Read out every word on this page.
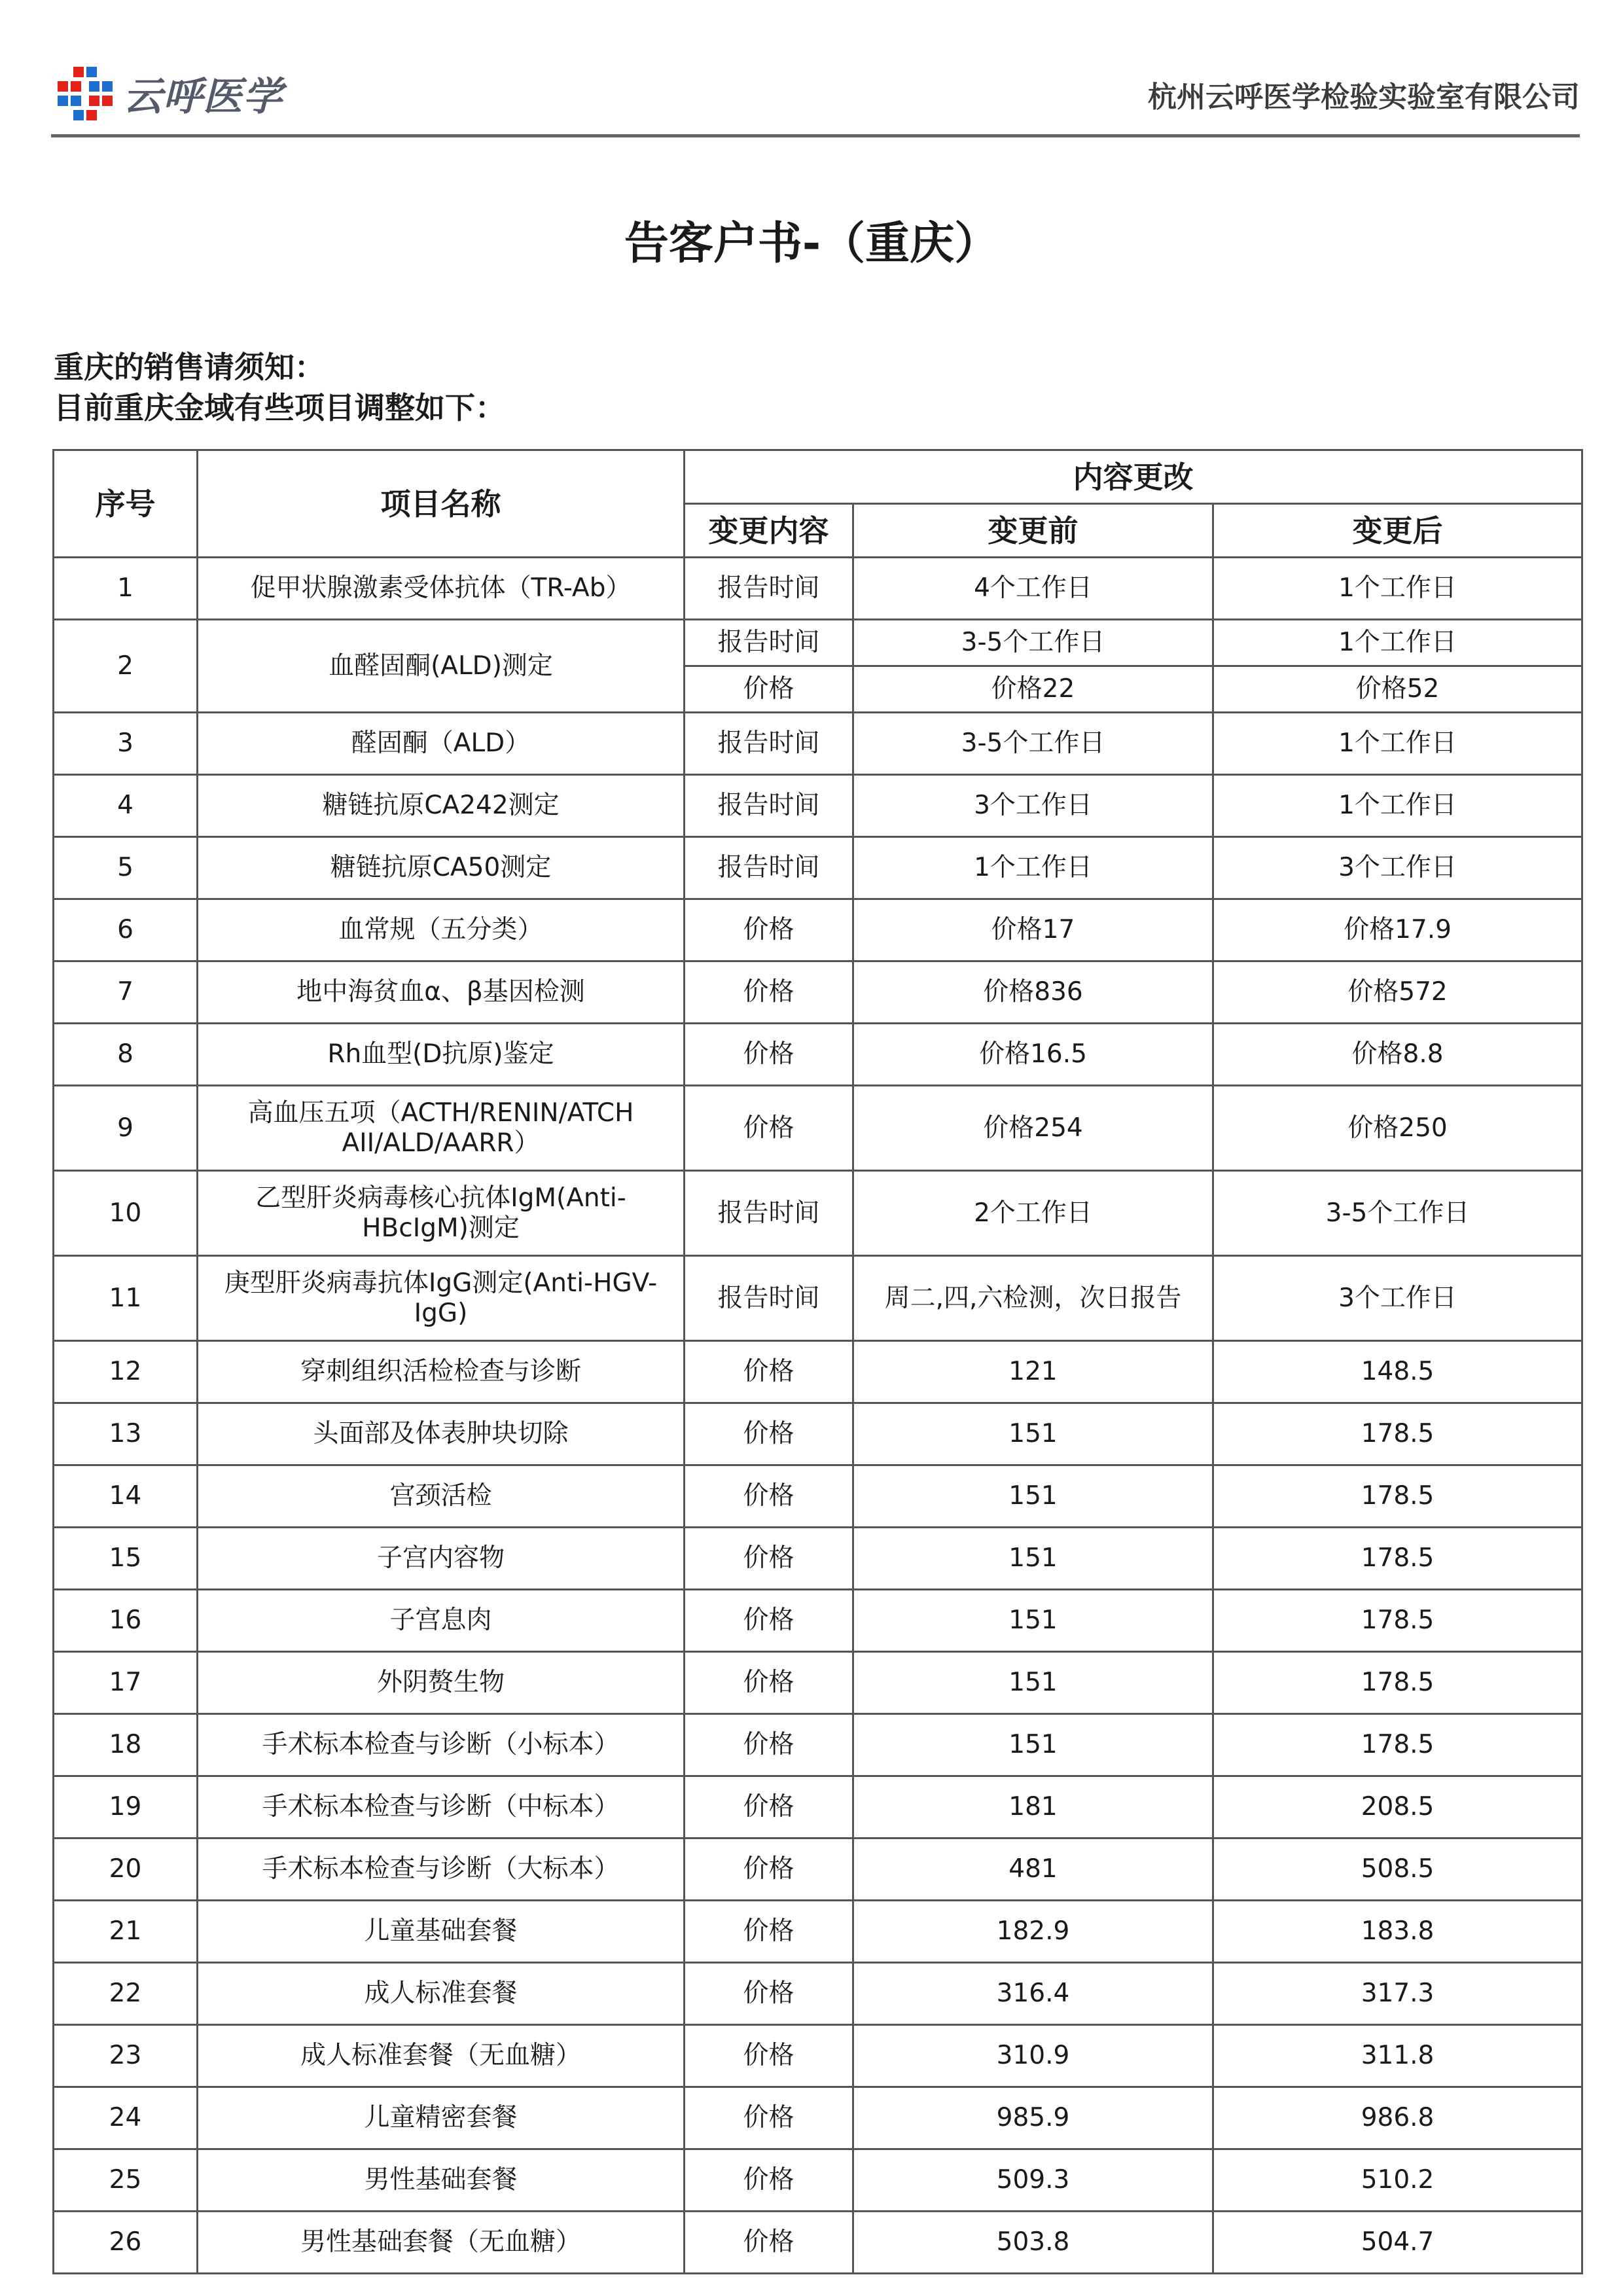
云呼医学	杭州云呼医学检验实验室有限公司
告客户书-（重庆）
重庆的销售请须知：
目前重庆金域有些项目调整如下：
序号	项目名称	内容更改		
		变更内容	变更前	变更后
1	促甲状腺激素受体抗体（TR-Ab）	报告时间	4个工作日	1个工作日
2	血醛固酮(ALD)测定	报告时间	3-5个工作日	1个工作日
		价格	价格22	价格52
3	醛固酮（ALD）	报告时间	3-5个工作日	1个工作日
4	糖链抗原CA242测定	报告时间	3个工作日	1个工作日
5	糖链抗原CA50测定	报告时间	1个工作日	3个工作日
6	血常规（五分类）	价格	价格17	价格17.9
7	地中海贫血α、β基因检测	价格	价格836	价格572
8	Rh血型(D抗原)鉴定	价格	价格16.5	价格8.8
9	高血压五项（ACTH/RENIN/ATCH AII/ALD/AARR）	价格	价格254	价格250
10	乙型肝炎病毒核心抗体IgM(Anti-HBcIgM)测定	报告时间	2个工作日	3-5个工作日
11	庚型肝炎病毒抗体IgG测定(Anti-HGV-IgG)	报告时间	周二,四,六检测，次日报告	3个工作日
12	穿刺组织活检检查与诊断	价格	121	148.5
13	头面部及体表肿块切除	价格	151	178.5
14	宫颈活检	价格	151	178.5
15	子宫内容物	价格	151	178.5
16	子宫息肉	价格	151	178.5
17	外阴赘生物	价格	151	178.5
18	手术标本检查与诊断（小标本）	价格	151	178.5
19	手术标本检查与诊断（中标本）	价格	181	208.5
20	手术标本检查与诊断（大标本）	价格	481	508.5
21	儿童基础套餐	价格	182.9	183.8
22	成人标准套餐	价格	316.4	317.3
23	成人标准套餐（无血糖）	价格	310.9	311.8
24	儿童精密套餐	价格	985.9	986.8
25	男性基础套餐	价格	509.3	510.2
26	男性基础套餐（无血糖）	价格	503.8	504.7
